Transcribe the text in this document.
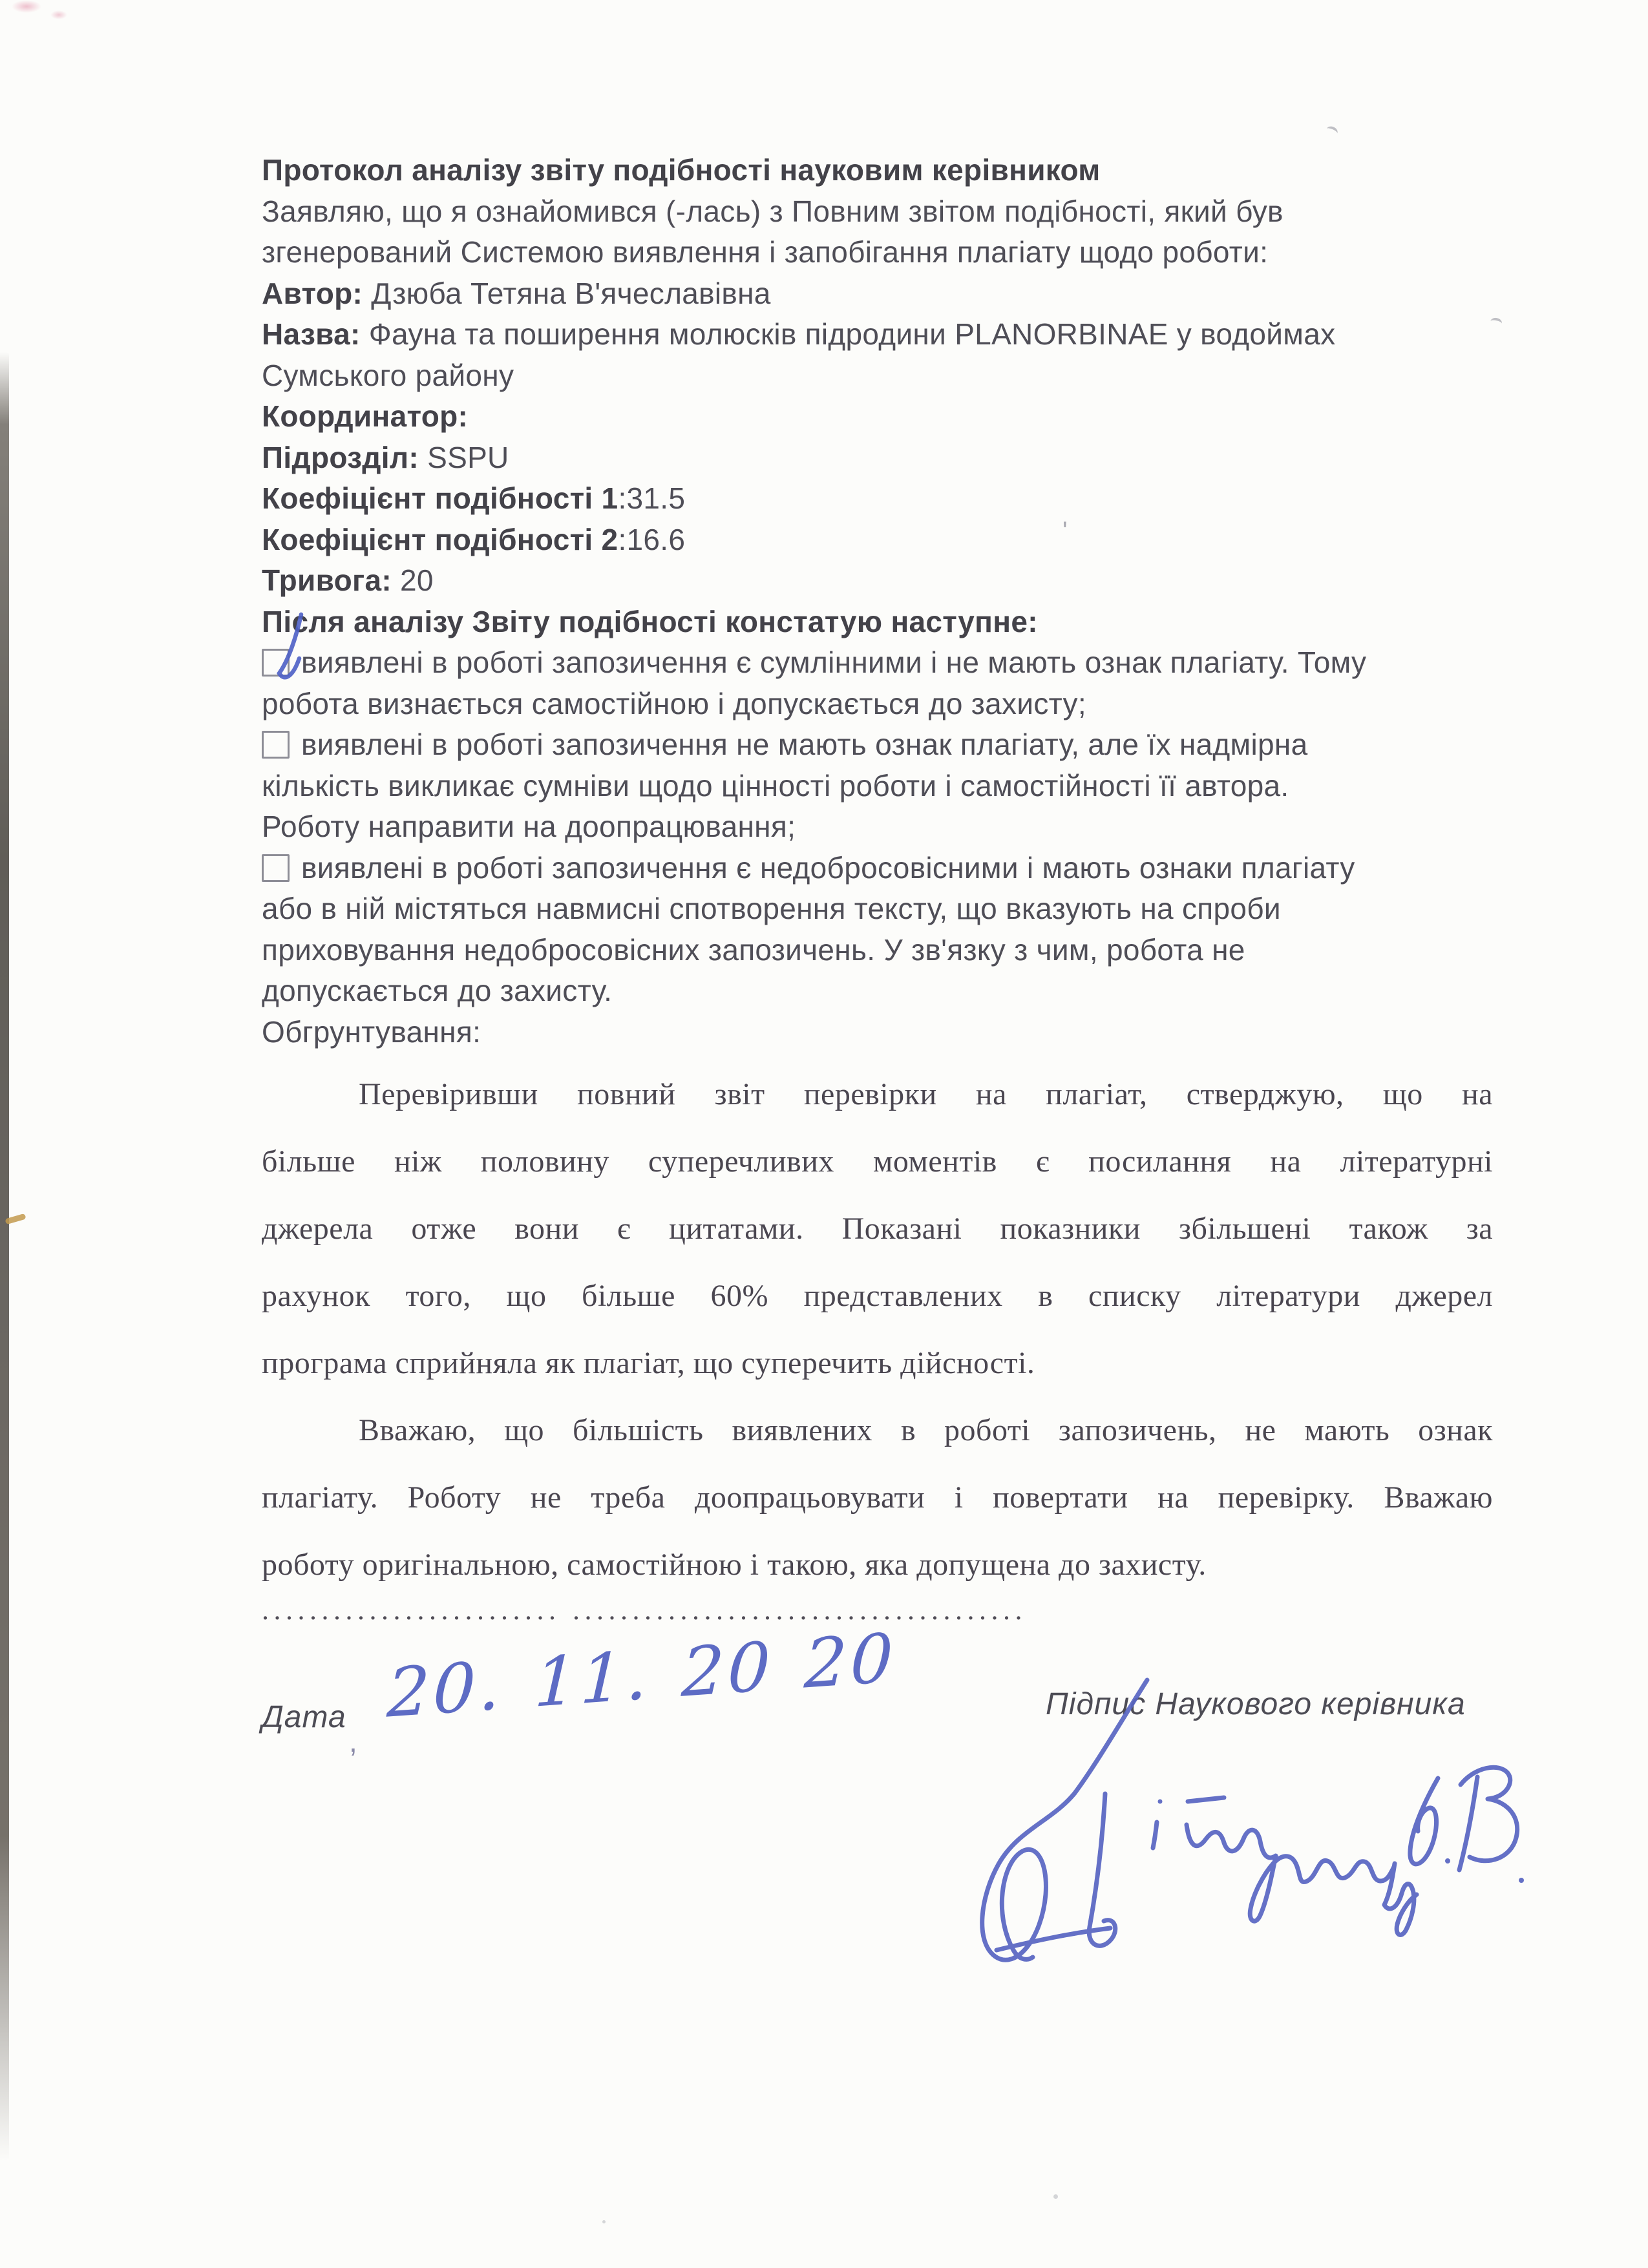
'
Протокол аналізу звіту подібності науковим керівником
Заявляю, що я ознайомився (-лась) з Повним звітом подібності, який був
згенерований Системою виявлення і запобігання плагіату щодо роботи:
Автор: Дзюба Тетяна В'ячеславівна
Назва: Фауна та поширення молюсків підродини PLANORBINAE у водоймах
Сумського району
Координатор:
Підрозділ: SSPU
Коефіцієнт подібності 1:31.5
Коефіцієнт подібності 2:16.6
Тривога: 20
Після аналізу Звіту подібності констатую наступне:
виявлені в роботі запозичення є сумлінними і не мають ознак плагіату. Тому
робота визнається самостійною і допускається до захисту;
виявлені в роботі запозичення не мають ознак плагіату, але їх надмірна
кількість викликає сумніви щодо цінності роботи і самостійності її автора.
Роботу направити на доопрацювання;
виявлені в роботі запозичення є недобросовісними і мають ознаки плагіату
або в ній містяться навмисні спотворення тексту, що вказують на спроби
приховування недобросовісних запозичень. У зв'язку з чим, робота не
допускається до захисту.
Обгрунтування:
Перевіривши повний звіт перевірки на плагіат, стверджую, що на
більше ніж половину суперечливих моментів є посилання на літературні
джерела отже вони є цитатами. Показані показники збільшені також за
рахунок того, що більше 60% представлених в списку літератури джерел
програма сприйняла як плагіат, що суперечить дійсності.
Вважаю, що більшість виявлених в роботі запозичень, не мають ознак
плагіату. Роботу не треба доопрацьовувати і повертати на перевірку. Вважаю
роботу оригінальною, самостійною і такою, яка допущена до захисту.
......................... ......................................
Дата
,
20. 11. 20 20	Підпис Наукового керівника
